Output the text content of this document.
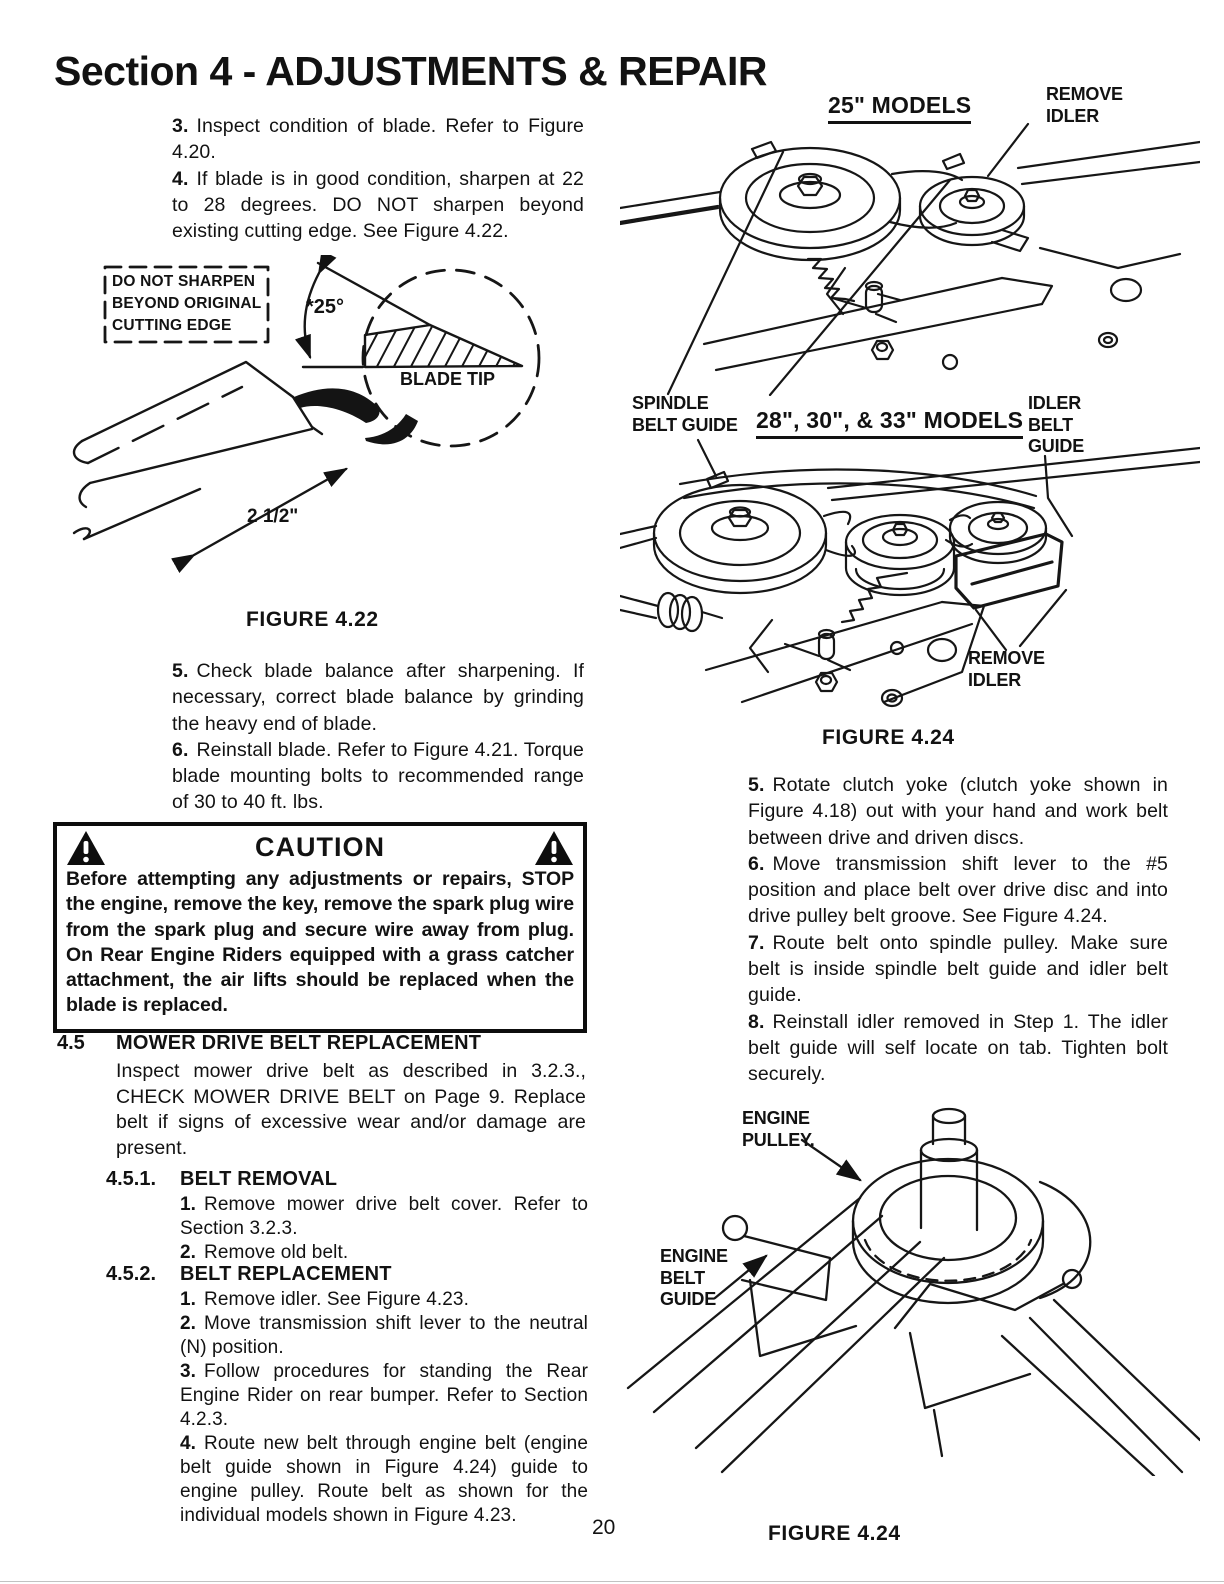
Section 4 - ADJUSTMENTS & REPAIR

3. Inspect condition of blade. Refer to Figure 4.20.

4. If blade is in good condition, sharpen at 22 to 28 degrees. DO NOT sharpen beyond existing cutting edge. See Figure 4.22.

DO NOT SHARPEN BEYOND ORIGINAL CUTTING EDGE
*25°
BLADE TIP
2 1/2"
FIGURE 4.22

5. Check blade balance after sharpening. If necessary, correct blade balance by grinding the heavy end of blade.

6. Reinstall blade. Refer to Figure 4.21. Torque blade mounting bolts to recommended range of 30 to 40 ft. lbs.

CAUTION
Before attempting any adjustments or repairs, STOP the engine, remove the key, remove the spark plug wire from the spark plug and secure wire away from plug. On Rear Engine Riders equipped with a grass catcher attachment, the air lifts should be replaced when the blade is replaced.
4.5 MOWER DRIVE BELT REPLACEMENT
Inspect mower drive belt as described in 3.2.3., CHECK MOWER DRIVE BELT on Page 9. Replace belt if signs of excessive wear and/or damage are present.
4.5.1. BELT REMOVAL

1. Remove mower drive belt cover. Refer to Section 3.2.3.

2. Remove old belt.

4.5.2. BELT REPLACEMENT

1. Remove idler. See Figure 4.23.

2. Move transmission shift lever to the neutral (N) position.

3. Follow procedures for standing the Rear Engine Rider on rear bumper. Refer to Section 4.2.3.

4. Route new belt through engine belt (engine belt guide shown in Figure 4.24) guide to engine pulley. Route belt as shown for the individual models shown in Figure 4.23.

25" MODELS	REMOVE IDLER
SPINDLE BELT GUIDE 28", 30", & 33" MODELS
IDLER BELT GUIDE
REMOVE IDLER
FIGURE 4.24

5. Rotate clutch yoke (clutch yoke shown in Figure 4.18) out with your hand and work belt between drive and driven discs.

6. Move transmission shift lever to the #5 position and place belt over drive disc and into drive pulley belt groove. See Figure 4.24.

7. Route belt onto spindle pulley. Make sure belt is inside spindle belt guide and idler belt guide.

8. Reinstall idler removed in Step 1. The idler belt guide will self locate on tab. Tighten bolt securely.

ENGINE PULLEY.
ENGINE BELT GUIDE
FIGURE 4.24
20
